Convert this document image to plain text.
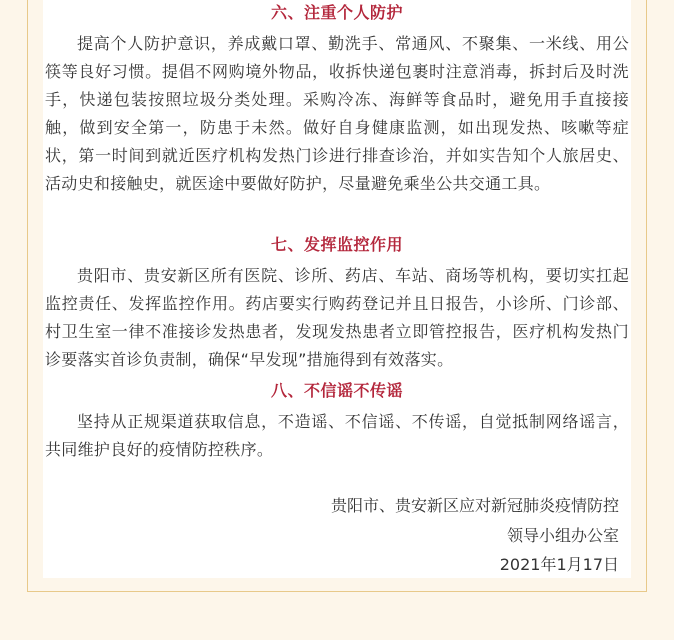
六、注重个人防护
提高个人防护意识，养成戴口罩、勤洗手、常通风、不聚集、一米线、用公筷等良好习惯。提倡不网购境外物品，收拆快递包裹时注意消毒，拆封后及时洗手，快递包装按照垃圾分类处理。采购冷冻、海鲜等食品时，避免用手直接接触，做到安全第一，防患于未然。做好自身健康监测，如出现发热、咳嗽等症状，第一时间到就近医疗机构发热门诊进行排查诊治，并如实告知个人旅居史、活动史和接触史，就医途中要做好防护，尽量避免乘坐公共交通工具。
七、发挥监控作用
贵阳市、贵安新区所有医院、诊所、药店、车站、商场等机构，要切实扛起监控责任、发挥监控作用。药店要实行购药登记并且日报告，小诊所、门诊部、村卫生室一律不准接诊发热患者，发现发热患者立即管控报告，医疗机构发热门诊要落实首诊负责制，确保“早发现”措施得到有效落实。
八、不信谣不传谣
坚持从正规渠道获取信息，不造谣、不信谣、不传谣，自觉抵制网络谣言，共同维护良好的疫情防控秩序。
贵阳市、贵安新区应对新冠肺炎疫情防控
领导小组办公室
2021年1月17日
